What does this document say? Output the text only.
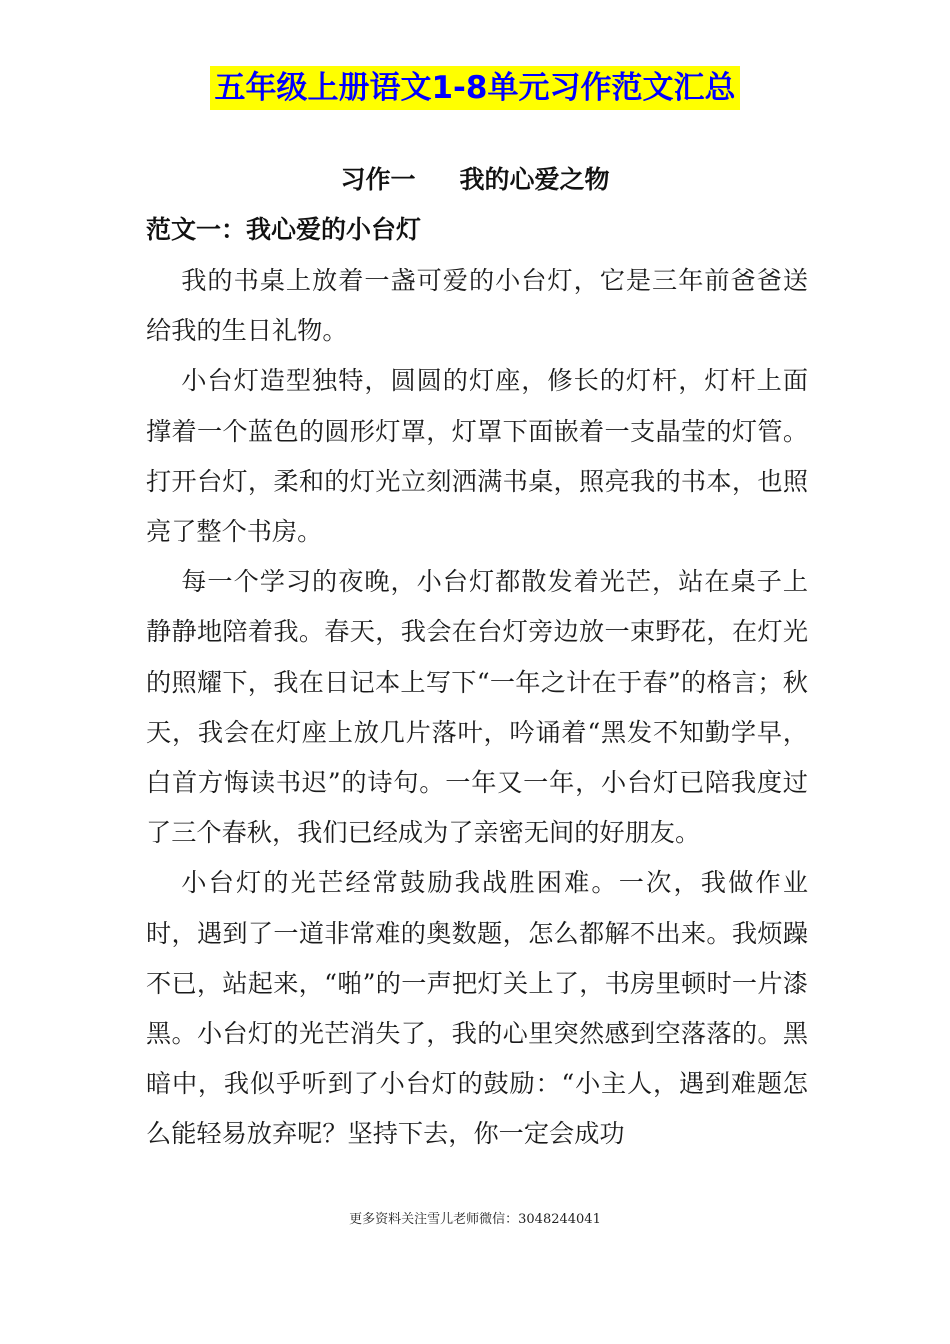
五年级上册语文1-8单元习作范文汇总
习作一 我的心爱之物
范文一：我心爱的小台灯

我的书桌上放着一盏可爱的小台灯，它是三年前爸爸送给我的生日礼物。

小台灯造型独特，圆圆的灯座，修长的灯杆，灯杆上面撑着一个蓝色的圆形灯罩，灯罩下面嵌着一支晶莹的灯管。打开台灯，柔和的灯光立刻洒满书桌，照亮我的书本，也照亮了整个书房。

每一个学习的夜晚，小台灯都散发着光芒，站在桌子上静静地陪着我。春天，我会在台灯旁边放一束野花，在灯光的照耀下，我在日记本上写下“一年之计在于春”的格言；秋天，我会在灯座上放几片落叶，吟诵着“黑发不知勤学早，白首方悔读书迟”的诗句。一年又一年，小台灯已陪我度过了三个春秋，我们已经成为了亲密无间的好朋友。

小台灯的光芒经常鼓励我战胜困难。一次，我做作业时，遇到了一道非常难的奥数题，怎么都解不出来。我烦躁不已，站起来，“啪”的一声把灯关上了，书房里顿时一片漆黑。小台灯的光芒消失了，我的心里突然感到空落落的。黑暗中，我似乎听到了小台灯的鼓励：“小主人，遇到难题怎么能轻易放弃呢？坚持下去，你一定会成功

更多资料关注雪儿老师微信：3048244041
